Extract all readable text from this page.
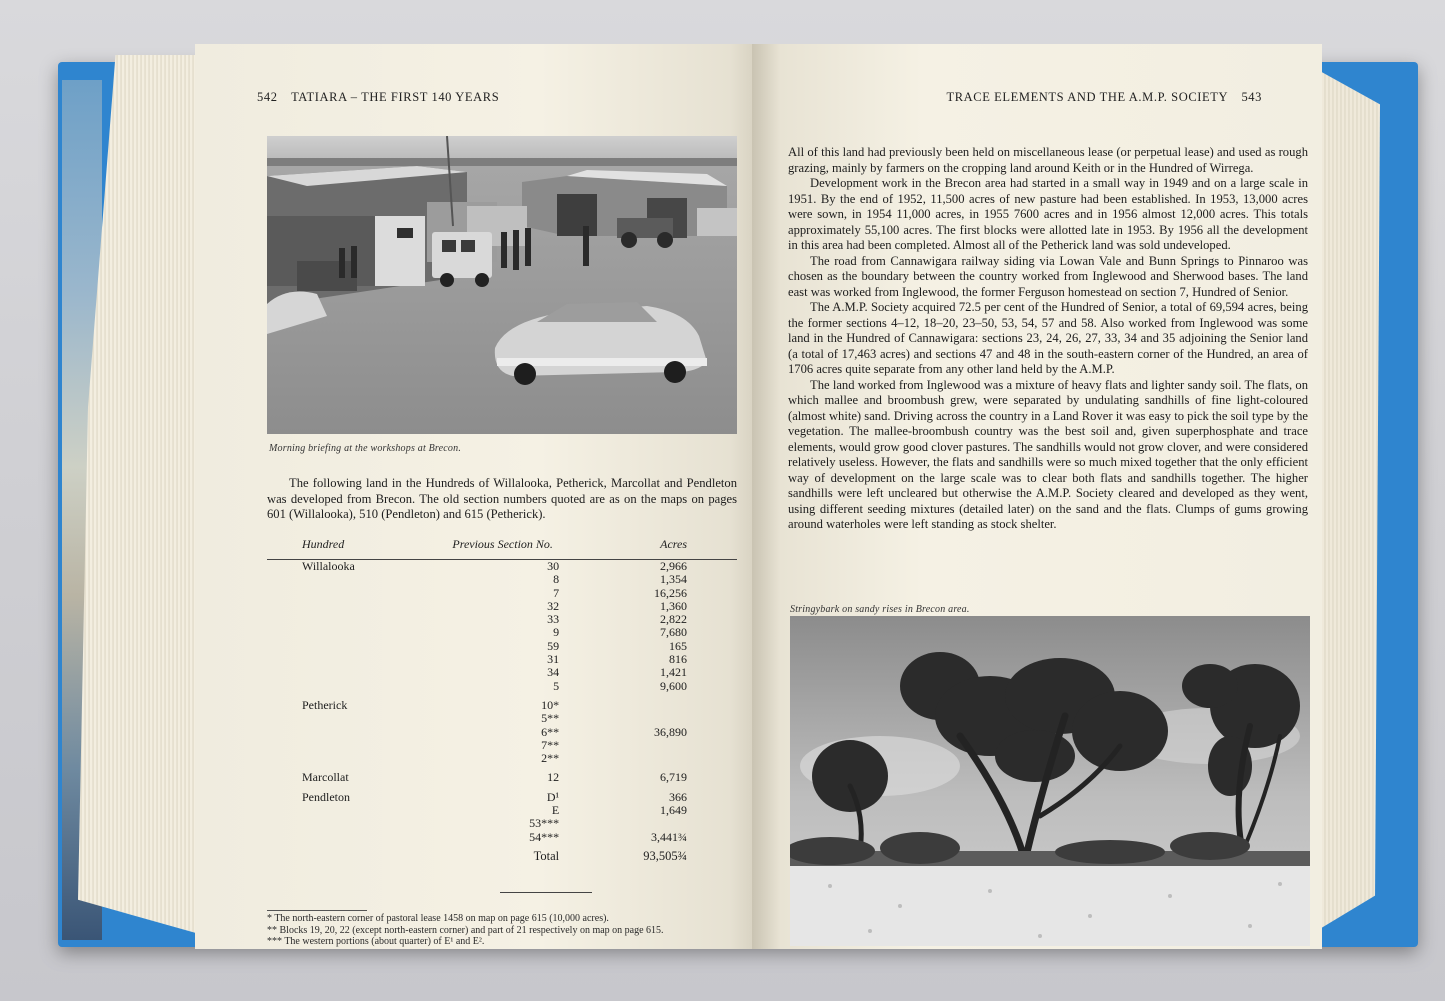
542 TATIARA – THE FIRST 140 YEARS
Morning briefing at the workshops at Brecon.

The following land in the Hundreds of Willalooka, Petherick, Marcollat and Pendleton was developed from Brecon. The old section numbers quoted are as on the maps on pages 601 (Willalooka), 510 (Pendleton) and 615 (Petherick).

Hundred	Previous Section No.	Acres
Willalooka	30	2,966
	8	1,354
	7	16,256
	32	1,360
	33	2,822
	9	7,680
	59	165
	31	816
	34	1,421
	5	9,600

Petherick	10*	
	5**	
	6**	36,890
	7**	
	2**	

Marcollat	12	6,719

Pendleton	D¹	366
	E	1,649
	53***	
	54***	3,441¾
	Total	93,505¾
* The north-eastern corner of pastoral lease 1458 on map on page 615 (10,000 acres).
** Blocks 19, 20, 22 (except north-eastern corner) and part of 21 respectively on map on page 615.
*** The western portions (about quarter) of E¹ and E².
TRACE ELEMENTS AND THE A.M.P. SOCIETY 543

All of this land had previously been held on miscellaneous lease (or perpetual lease) and used as rough grazing, mainly by farmers on the cropping land around Keith or in the Hundred of Wirrega.

Development work in the Brecon area had started in a small way in 1949 and on a large scale in 1951. By the end of 1952, 11,500 acres of new pasture had been established. In 1953, 13,000 acres were sown, in 1954 11,000 acres, in 1955 7600 acres and in 1956 almost 12,000 acres. This totals approximately 55,100 acres. The first blocks were allotted late in 1953. By 1956 all the development in this area had been completed. Almost all of the Petherick land was sold undeveloped.

The road from Cannawigara railway siding via Lowan Vale and Bunn Springs to Pinnaroo was chosen as the boundary between the country worked from Inglewood and Sherwood bases. The land east was worked from Inglewood, the former Ferguson homestead on section 7, Hundred of Senior.

The A.M.P. Society acquired 72.5 per cent of the Hundred of Senior, a total of 69,594 acres, being the former sections 4–12, 18–20, 23–50, 53, 54, 57 and 58. Also worked from Inglewood was some land in the Hundred of Cannawigara: sections 23, 24, 26, 27, 33, 34 and 35 adjoining the Senior land (a total of 17,463 acres) and sections 47 and 48 in the south-eastern corner of the Hundred, an area of 1706 acres quite separate from any other land held by the A.M.P.

The land worked from Inglewood was a mixture of heavy flats and lighter sandy soil. The flats, on which mallee and broombush grew, were separated by undulating sandhills of fine light-coloured (almost white) sand. Driving across the country in a Land Rover it was easy to pick the soil type by the vegetation. The mallee-broombush country was the best soil and, given superphosphate and trace elements, would grow good clover pastures. The sandhills would not grow clover, and were considered relatively useless. However, the flats and sandhills were so much mixed together that the only efficient way of development on the large scale was to clear both flats and sandhills together. The higher sandhills were left uncleared but otherwise the A.M.P. Society cleared and developed as they went, using different seeding mixtures (detailed later) on the sand and the flats. Clumps of gums growing around waterholes were left standing as stock shelter.

Stringybark on sandy rises in Brecon area.
